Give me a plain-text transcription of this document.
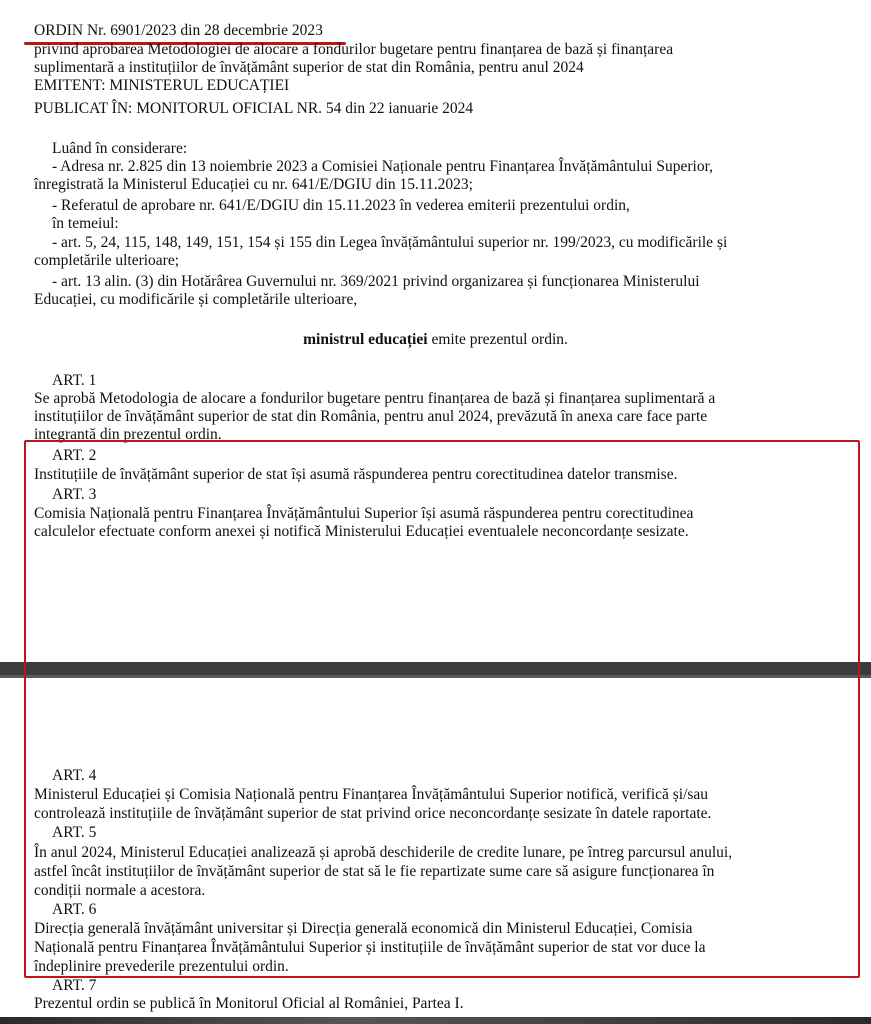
ORDIN Nr. 6901/2023 din 28 decembrie 2023
privind aprobarea Metodologiei de alocare a fondurilor bugetare pentru finanțarea de bază și finanțarea
suplimentară a instituțiilor de învățământ superior de stat din România, pentru anul 2024
EMITENT: MINISTERUL EDUCAȚIEI
PUBLICAT ÎN: MONITORUL OFICIAL NR. 54 din 22 ianuarie 2024
Luând în considerare:
- Adresa nr. 2.825 din 13 noiembrie 2023 a Comisiei Naționale pentru Finanțarea Învățământului Superior,
înregistrată la Ministerul Educației cu nr. 641/E/DGIU din 15.11.2023;
- Referatul de aprobare nr. 641/E/DGIU din 15.11.2023 în vederea emiterii prezentului ordin,
în temeiul:
- art. 5, 24, 115, 148, 149, 151, 154 și 155 din Legea învățământului superior nr. 199/2023, cu modificările și
completările ulterioare;
- art. 13 alin. (3) din Hotărârea Guvernului nr. 369/2021 privind organizarea și funcționarea Ministerului
Educației, cu modificările și completările ulterioare,
ministrul educației emite prezentul ordin.
ART. 1
Se aprobă Metodologia de alocare a fondurilor bugetare pentru finanțarea de bază și finanțarea suplimentară a
instituțiilor de învățământ superior de stat din România, pentru anul 2024, prevăzută în anexa care face parte
integrantă din prezentul ordin.
ART. 2
Instituțiile de învățământ superior de stat își asumă răspunderea pentru corectitudinea datelor transmise.
ART. 3
Comisia Națională pentru Finanțarea Învățământului Superior își asumă răspunderea pentru corectitudinea
calculelor efectuate conform anexei și notifică Ministerului Educației eventualele neconcordanțe sesizate.
ART. 4
Ministerul Educației și Comisia Națională pentru Finanțarea Învățământului Superior notifică, verifică și/sau
controlează instituțiile de învățământ superior de stat privind orice neconcordanțe sesizate în datele raportate.
ART. 5
În anul 2024, Ministerul Educației analizează și aprobă deschiderile de credite lunare, pe întreg parcursul anului,
astfel încât instituțiilor de învățământ superior de stat să le fie repartizate sume care să asigure funcționarea în
condiții normale a acestora.
ART. 6
Direcția generală învățământ universitar și Direcția generală economică din Ministerul Educației, Comisia
Națională pentru Finanțarea Învățământului Superior și instituțiile de învățământ superior de stat vor duce la
îndeplinire prevederile prezentului ordin.
ART. 7
Prezentul ordin se publică în Monitorul Oficial al României, Partea I.
